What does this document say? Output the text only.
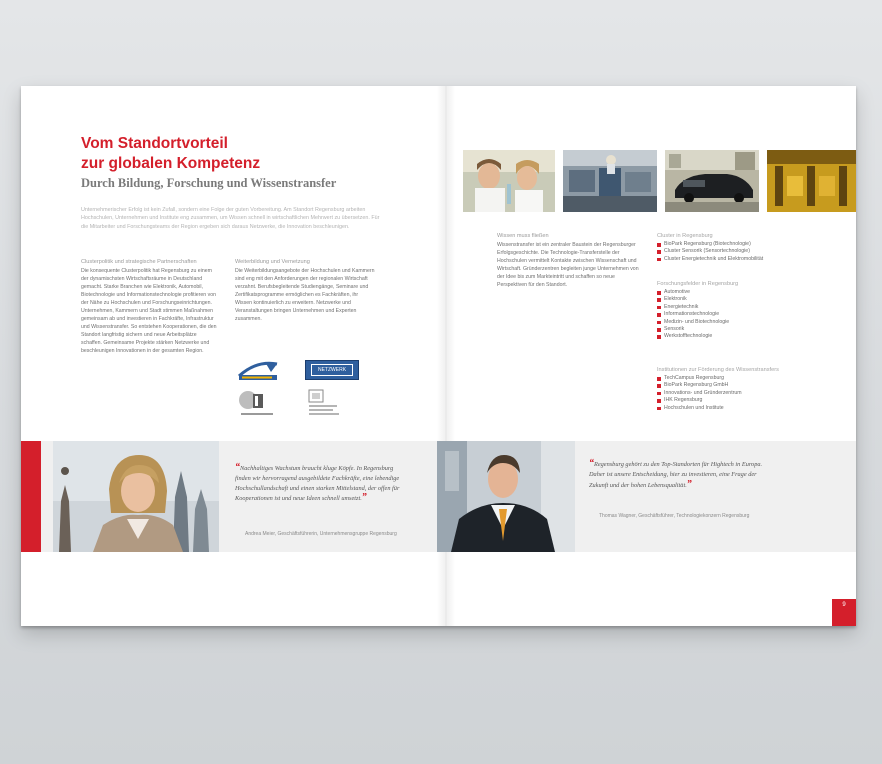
Vom Standortvorteil
zur globalen Kompetenz
Durch Bildung, Forschung und Wissenstransfer

Unternehmerischer Erfolg ist kein Zufall, sondern eine Folge der guten Vorbereitung. Am Standort Regensburg arbeiten Hochschulen, Unternehmen und Institute eng zusammen, um Wissen schnell in wirtschaftlichen Mehrwert zu übersetzen. Für die Mitarbeiter und Forschungsteams der Region ergeben sich daraus Netzwerke, die Innovation beschleunigen.

Clusterpolitik und strategische Partnerschaften

Die konsequente Clusterpolitik hat Regensburg zu einem der dynamischsten Wirtschaftsräume in Deutschland gemacht. Starke Branchen wie Elektronik, Automobil, Biotechnologie und Informationstechnologie profitieren von der Nähe zu Hochschulen und Forschungseinrichtungen. Unternehmen, Kammern und Stadt stimmen Maßnahmen gemeinsam ab und investieren in Fachkräfte, Infrastruktur und Wissenstransfer. So entstehen Kooperationen, die den Standort langfristig sichern und neue Arbeitsplätze schaffen. Gemeinsame Projekte stärken Netzwerke und beschleunigen Innovationen in der gesamten Region.

Weiterbildung und Vernetzung

Die Weiterbildungsangebote der Hochschulen und Kammern sind eng mit den Anforderungen der regionalen Wirtschaft verzahnt. Berufsbegleitende Studiengänge, Seminare und Zertifikatsprogramme ermöglichen es Fachkräften, ihr Wissen kontinuierlich zu erweitern. Netzwerke und Veranstaltungen bringen Unternehmen und Experten zusammen.

NETZWERK

Wissen muss fließen

Wissenstransfer ist ein zentraler Baustein der Regensburger Erfolgsgeschichte. Die Technologie-Transferstelle der Hochschulen vermittelt Kontakte zwischen Wissenschaft und Wirtschaft. Gründerzentren begleiten junge Unternehmen von der Idee bis zum Markteintritt und schaffen so neue Perspektiven für den Standort.

Cluster in Regensburg

BioPark Regensburg (Biotechnologie)

Cluster Sensorik (Sensortechnologie)

Cluster Energietechnik und Elektromobilität

Forschungsfelder in Regensburg

Automotive

Elektronik

Energietechnik

Informationstechnologie

Medizin- und Biotechnologie

Sensorik

Werkstofftechnologie

Institutionen zur Förderung des Wissenstransfers

TechCampus Regensburg

BioPark Regensburg GmbH

Innovations- und Gründerzentrum

IHK Regensburg

Hochschulen und Institute

“Nachhaltiges Wachstum braucht kluge Köpfe. In Regensburg finden wir hervorragend ausgebildete Fachkräfte, eine lebendige Hochschullandschaft und einen starken Mittelstand, der offen für Kooperationen ist und neue Ideen schnell umsetzt.”

Andrea Meier, Geschäftsführerin, Unternehmensgruppe Regensburg

“Regensburg gehört zu den Top-Standorten für Hightech in Europa. Daher ist unsere Entscheidung, hier zu investieren, eine Frage der Zukunft und der hohen Lebensqualität.”

Thomas Wagner, Geschäftsführer, Technologiekonzern Regensburg
9
